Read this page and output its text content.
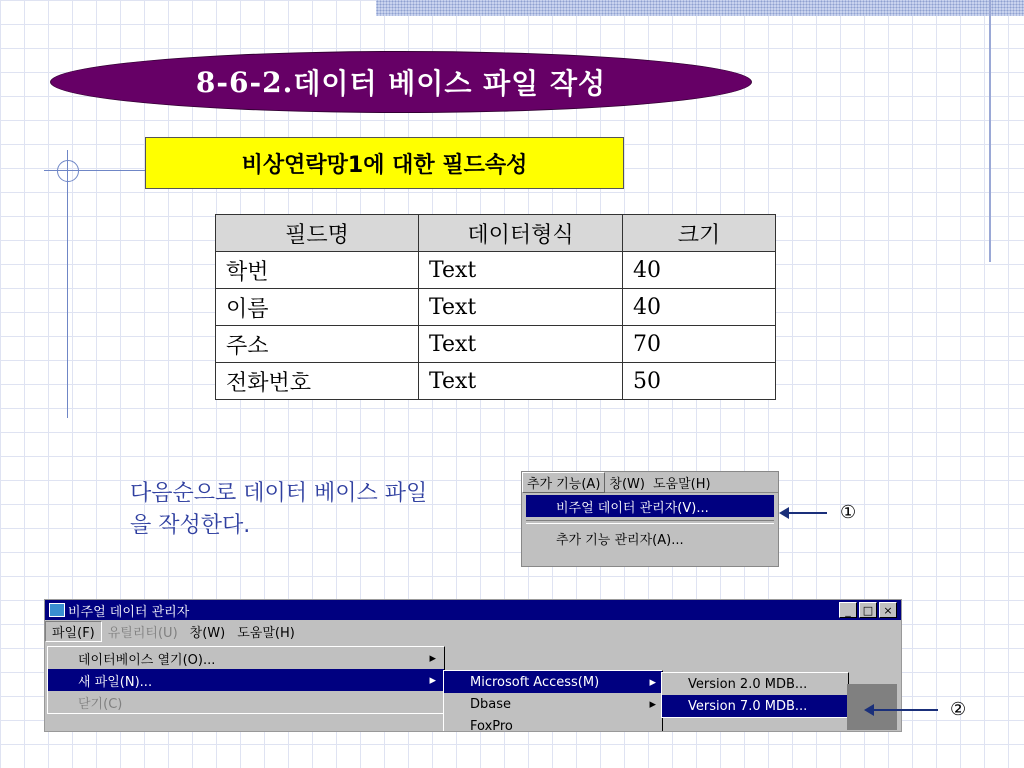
8-6-2. 데이터 베이스 파일 작성
비상연락망1에 대한 필드속성
필드명	데이터형식	크기
학번	Text	40
이름	Text	40
주소	Text	70
전화번호	Text	50
다음순으로 데이터 베이스 파일을 작성한다.
추가 기능(A) 창(W) 도움말(H)
비주얼 데이터 관리자(V)...
추가 기능 관리자(A)...
①
비주얼 데이터 관리자	_	□ ×
파일(F)	유틸리티(U) 창(W) 도움말(H)
데이터베이스 열기(O)...	▸
새 파일(N)...	▸
닫기(C)
Microsoft Access(M)	▸
Dbase	▸
FoxPro
Version 2.0 MDB...
Version 7.0 MDB...	②
